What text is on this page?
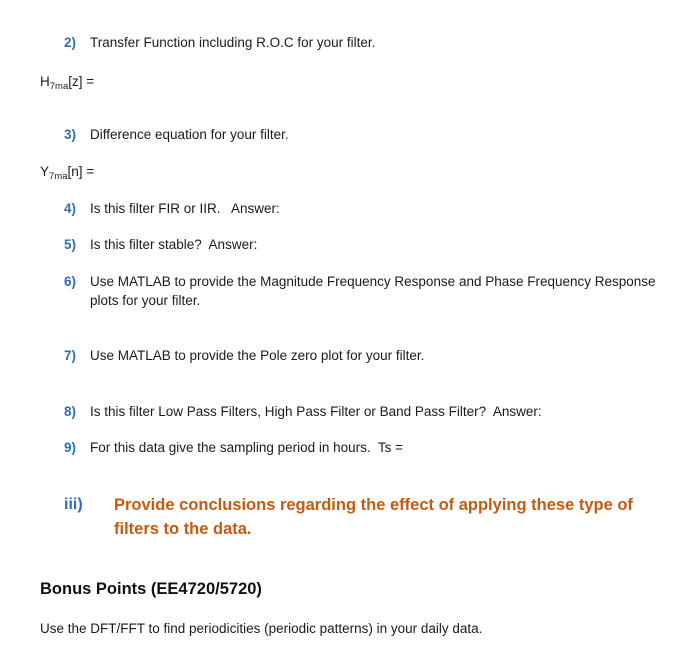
2) Transfer Function including R.O.C for your filter.
$H_{7ma}[z]$ =
3) Difference equation for your filter.
$Y_{7ma}[n]$ =
4) Is this filter FIR or IIR.   Answer:
5) Is this filter stable?  Answer:
6) Use MATLAB to provide the Magnitude Frequency Response and Phase Frequency Response
plots for your filter.
7) Use MATLAB to provide the Pole zero plot for your filter.
8) Is this filter Low Pass Filters, High Pass Filter or Band Pass Filter?  Answer:
9) For this data give the sampling period in hours.  Ts =
iii) Provide conclusions regarding the effect of applying these type of
filters to the data.
Bonus Points (EE4720/5720)
Use the DFT/FFT to find periodicities (periodic patterns) in your daily data.
